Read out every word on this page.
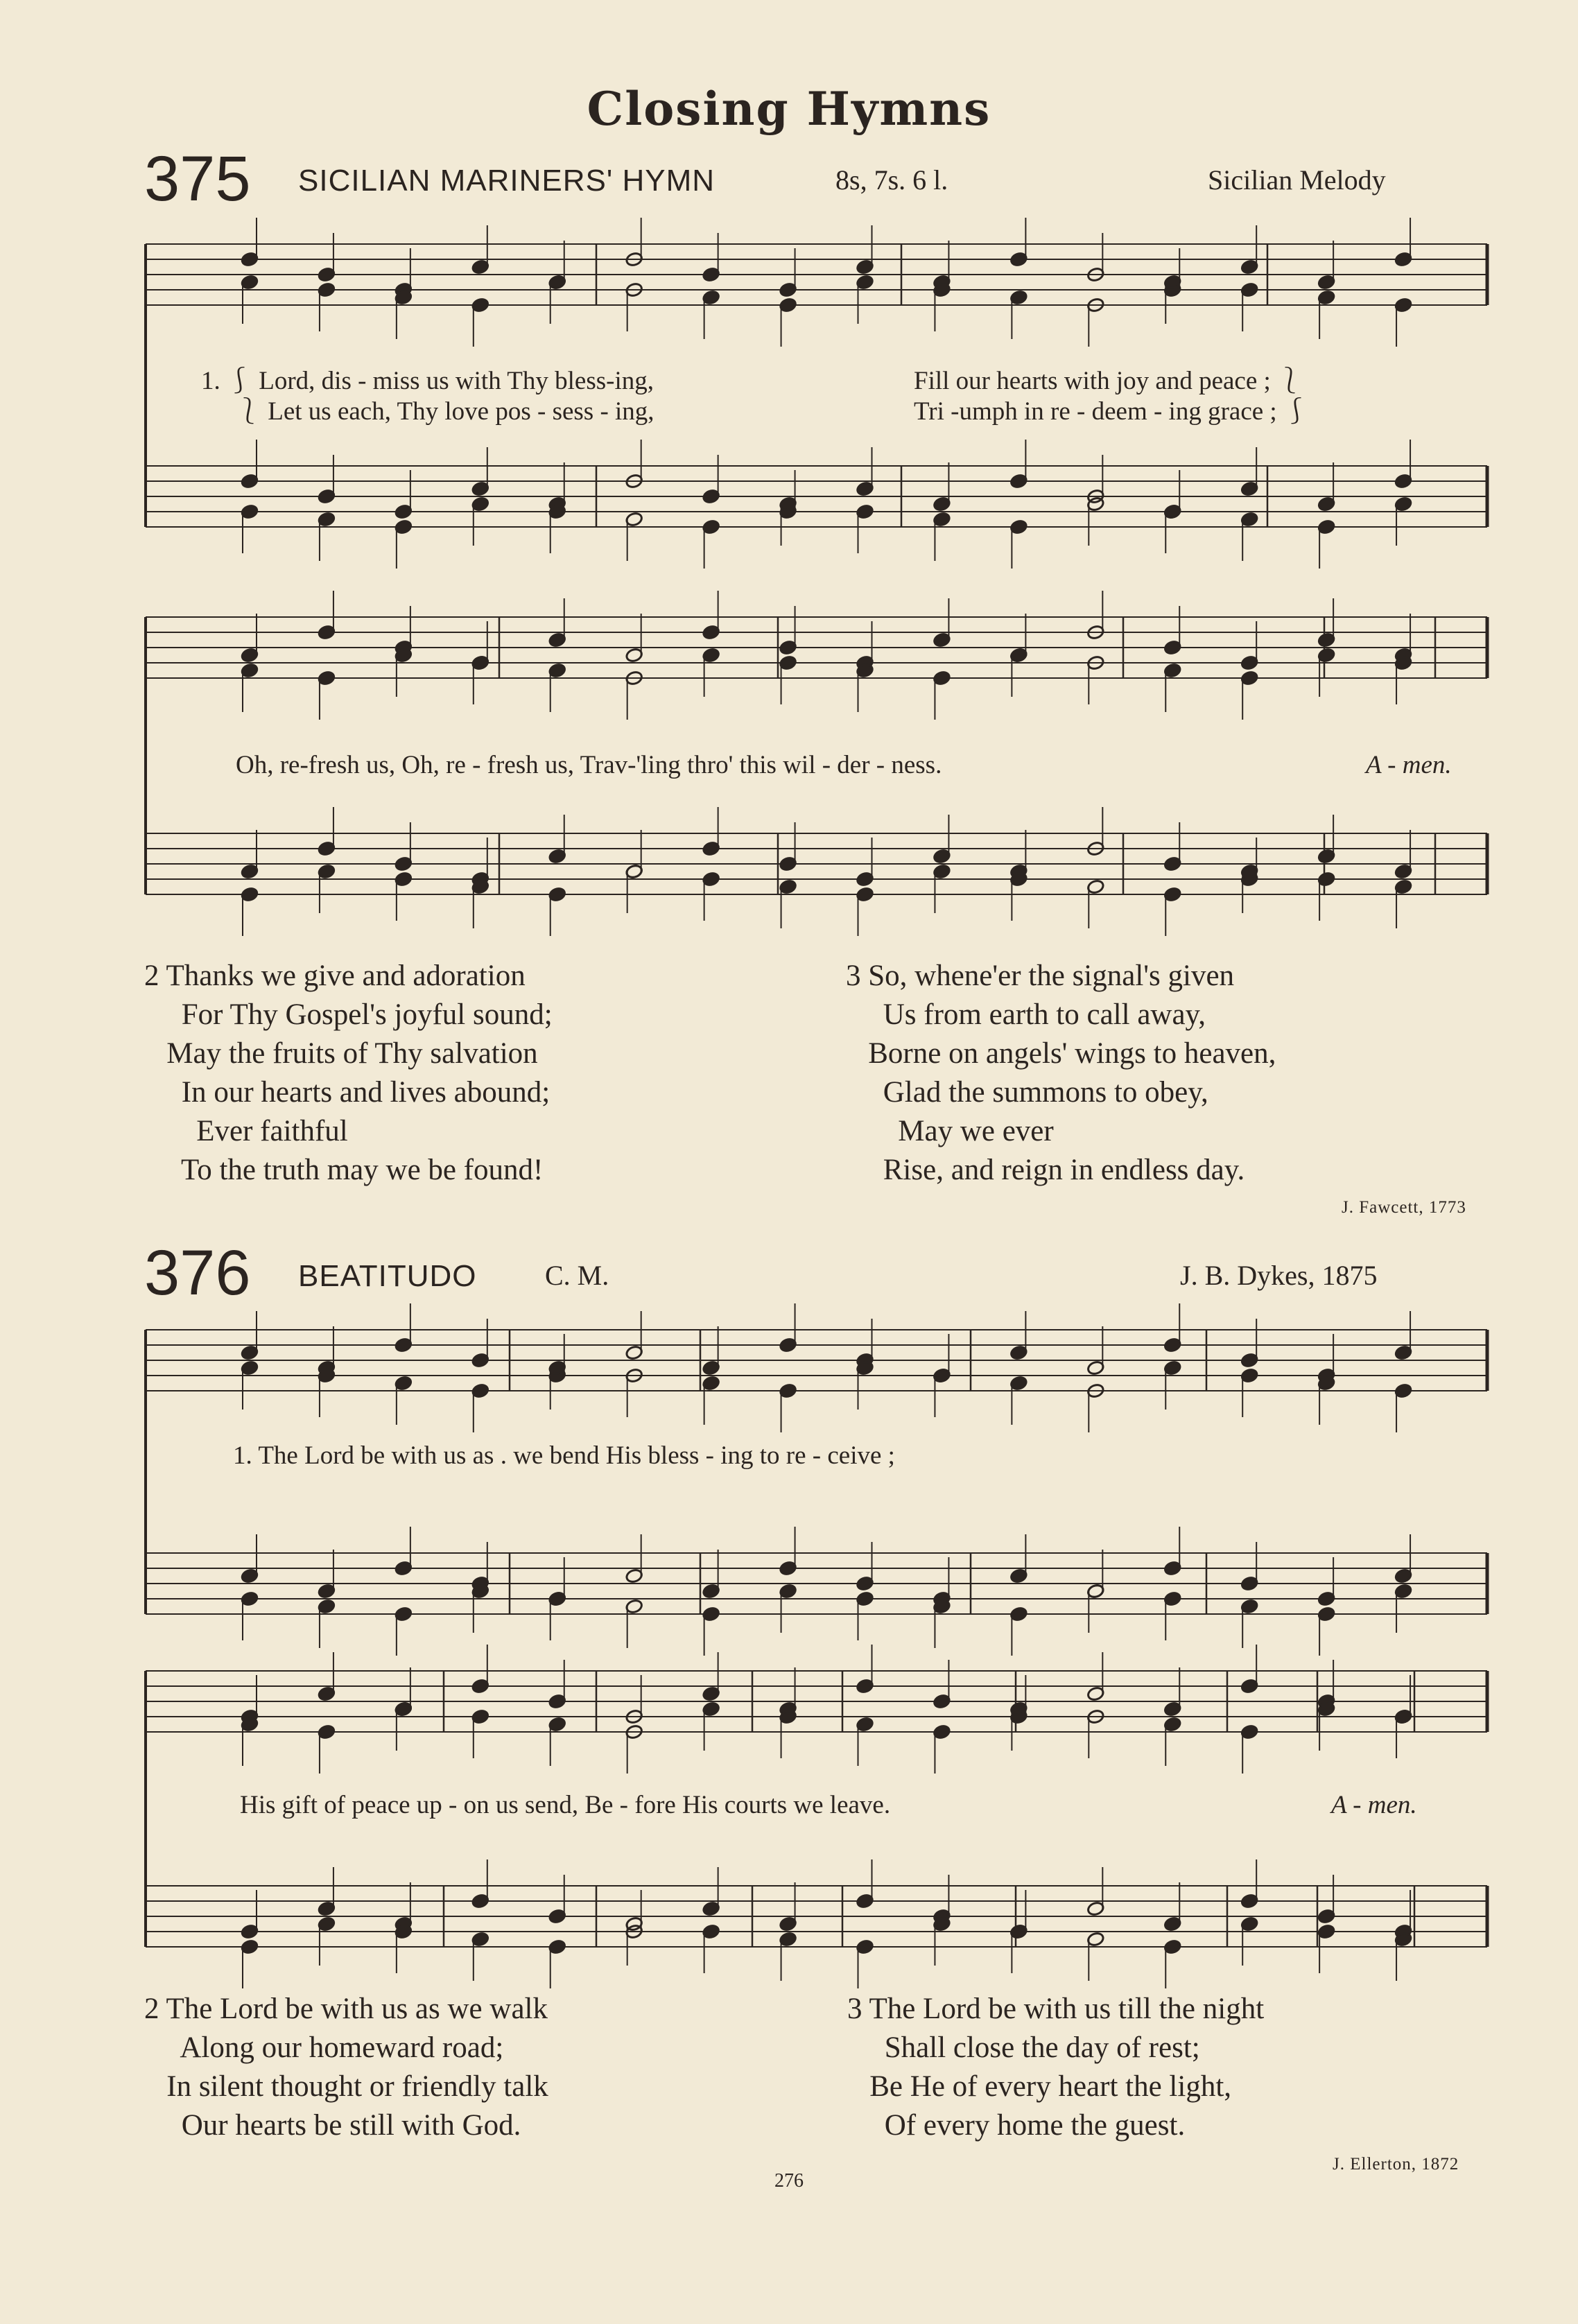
Closing Hymns
375 SICILIAN MARINERS' HYMN	8s, 7s. 6 l.	Sicilian Melody
1. ⎰ Lord, dis - miss us with Thy bless-ing,	Fill our hearts with joy and peace ; ⎱
⎱ Let us each, Thy love pos - sess - ing,	Tri -umph in re - deem - ing grace ; ⎰
Oh, re-fresh us, Oh, re - fresh us, Trav-'ling thro' this wil - der - ness.	A - men.
2 Thanks we give and adoration
For Thy Gospel's joyful sound;
May the fruits of Thy salvation
In our hearts and lives abound;
Ever faithful
To the truth may we be found!
3 So, whene'er the signal's given
Us from earth to call away,
Borne on angels' wings to heaven,
Glad the summons to obey,
May we ever
Rise, and reign in endless day.
J. Fawcett, 1773
376 BEATITUDO C. M.	J. B. Dykes, 1875
1. The Lord be with us as . we bend His bless - ing to re - ceive ;
His gift of peace up - on us send, Be - fore His courts we leave.	A - men.
2 The Lord be with us as we walk
Along our homeward road;
In silent thought or friendly talk
Our hearts be still with God.
3 The Lord be with us till the night
Shall close the day of rest;
Be He of every heart the light,
Of every home the guest.
J. Ellerton, 1872
276
